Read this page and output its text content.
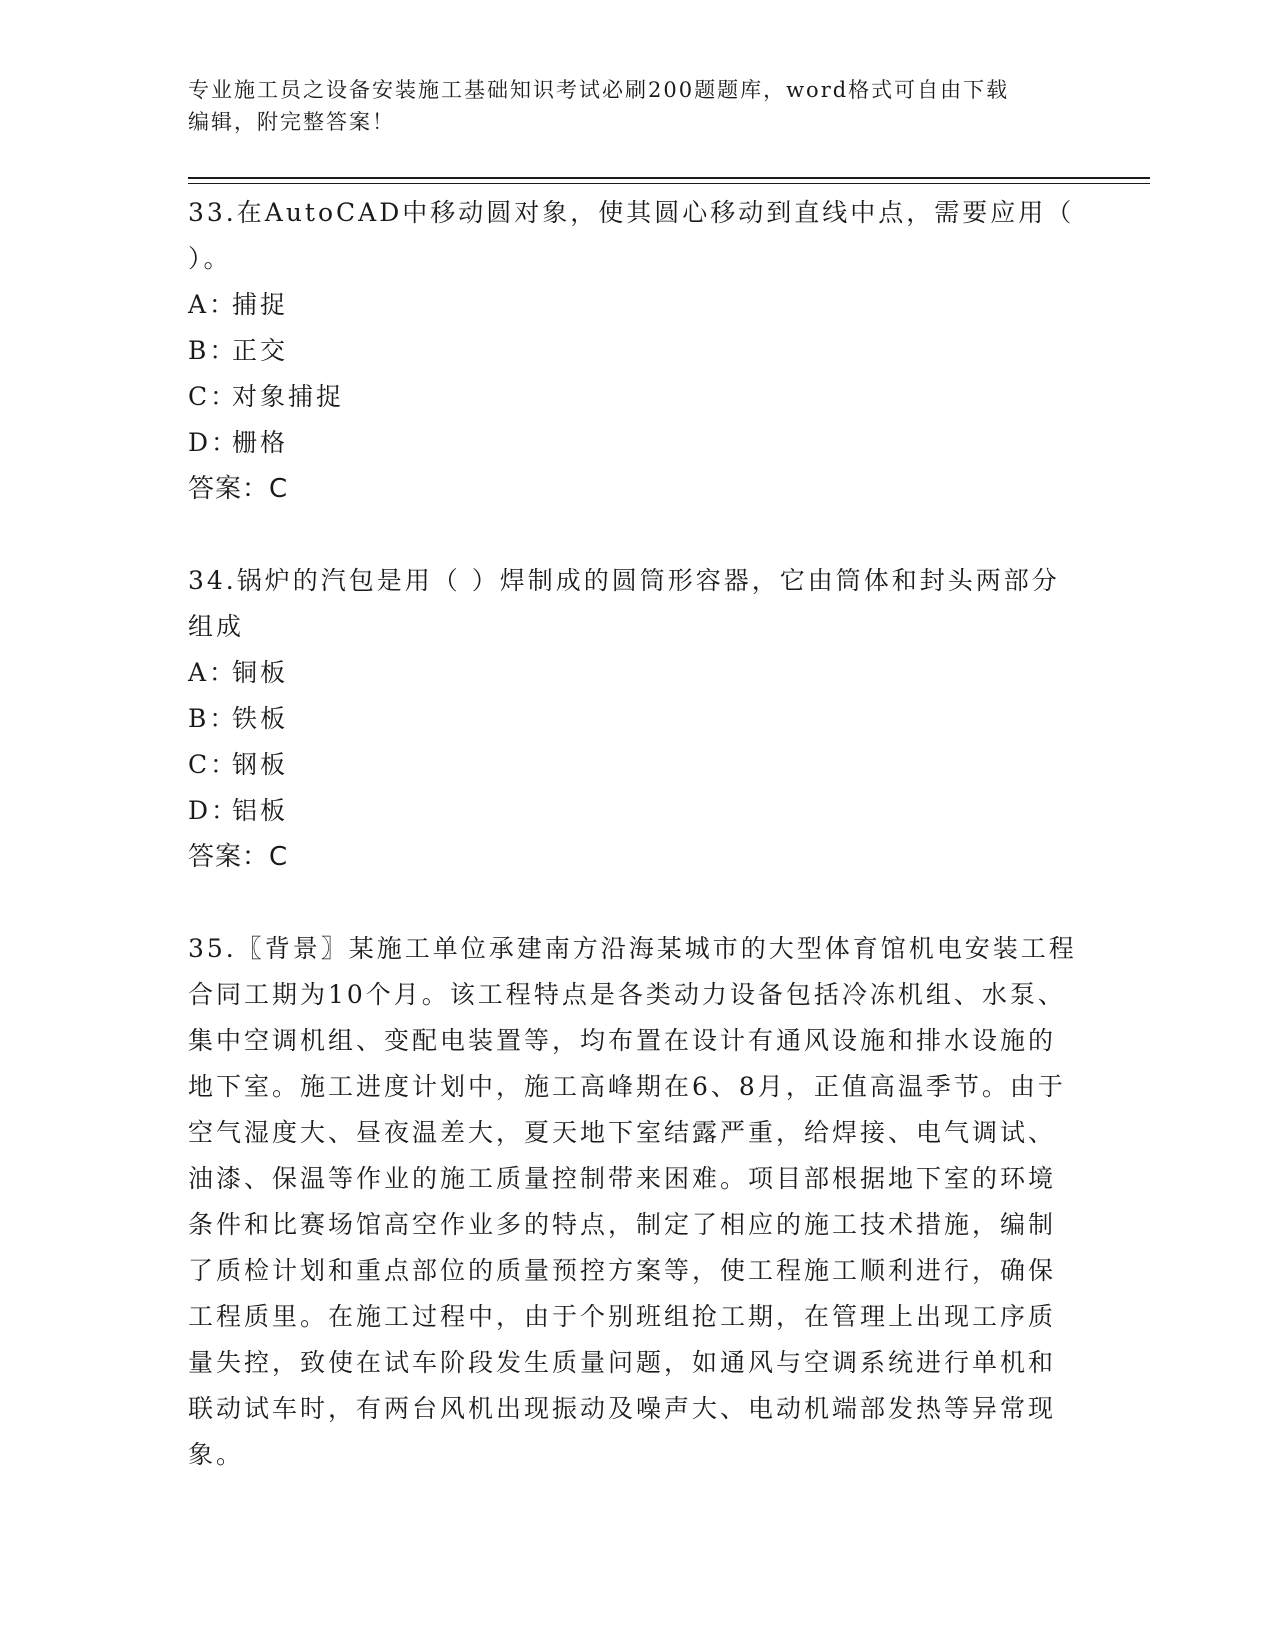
专业施工员之设备安装施工基础知识考试必刷200题题库，word格式可自由下载
编辑，附完整答案！

33.在AutoCAD中移动圆对象，使其圆心移动到直线中点，需要应用（ ）。

A：捕捉

B：正交

C：对象捕捉

D：栅格

答案：C

34.锅炉的汽包是用（ ）焊制成的圆筒形容器，它由筒体和封头两部分组成

A：铜板

B：铁板

C：钢板

D：铝板

答案：C

35.〖背景〗某施工单位承建南方沿海某城市的大型体育馆机电安装工程合同工期为10个月。该工程特点是各类动力设备包括冷冻机组、水泵、集中空调机组、变配电装置等，均布置在设计有通风设施和排水设施的地下室。施工进度计划中，施工高峰期在6、8月，正值高温季节。由于空气湿度大、昼夜温差大，夏天地下室结露严重，给焊接、电气调试、油漆、保温等作业的施工质量控制带来困难。项目部根据地下室的环境条件和比赛场馆高空作业多的特点，制定了相应的施工技术措施，编制了质检计划和重点部位的质量预控方案等，使工程施工顺利进行，确保工程质里。在施工过程中，由于个别班组抢工期，在管理上出现工序质量失控，致使在试车阶段发生质量问题，如通风与空调系统进行单机和联动试车时，有两台风机出现振动及噪声大、电动机端部发热等异常现象。
